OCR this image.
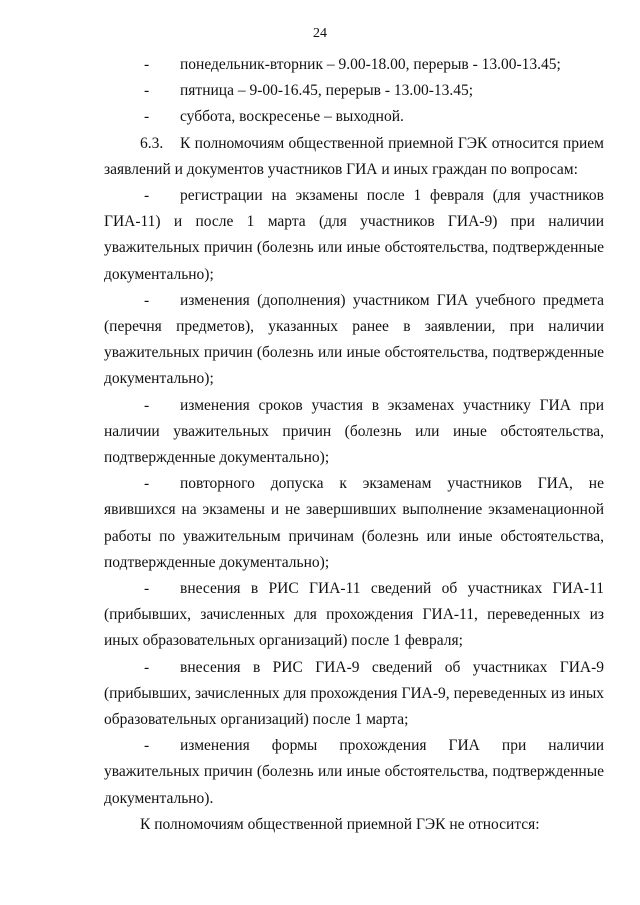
24

- понедельник-вторник – 9.00-18.00, перерыв - 13.00-13.45;

- пятница – 9-00-16.45, перерыв - 13.00-13.45;

- суббота, воскресенье – выходной.

6.3. К полномочиям общественной приемной ГЭК относится прием заявлений и документов участников ГИА и иных граждан по вопросам:

- регистрации на экзамены после 1 февраля (для участников ГИА-11) и после 1 марта (для участников ГИА-9) при наличии уважительных причин (болезнь или иные обстоятельства, подтвержденные документально);

- изменения (дополнения) участником ГИА учебного предмета (перечня предметов), указанных ранее в заявлении, при наличии уважительных причин (болезнь или иные обстоятельства, подтвержденные документально);

- изменения сроков участия в экзаменах участнику ГИА при наличии уважительных причин (болезнь или иные обстоятельства, подтвержденные документально);

- повторного допуска к экзаменам участников ГИА, не явившихся на экзамены и не завершивших выполнение экзаменационной работы по уважительным причинам (болезнь или иные обстоятельства, подтвержденные документально);

- внесения в РИС ГИА-11 сведений об участниках ГИА-11 (прибывших, зачисленных для прохождения ГИА-11, переведенных из иных образовательных организаций) после 1 февраля;

- внесения в РИС ГИА-9 сведений об участниках ГИА-9 (прибывших, зачисленных для прохождения ГИА-9, переведенных из иных образовательных организаций) после 1 марта;

- изменения формы прохождения ГИА при наличии уважительных причин (болезнь или иные обстоятельства, подтвержденные документально).

К полномочиям общественной приемной ГЭК не относится:
